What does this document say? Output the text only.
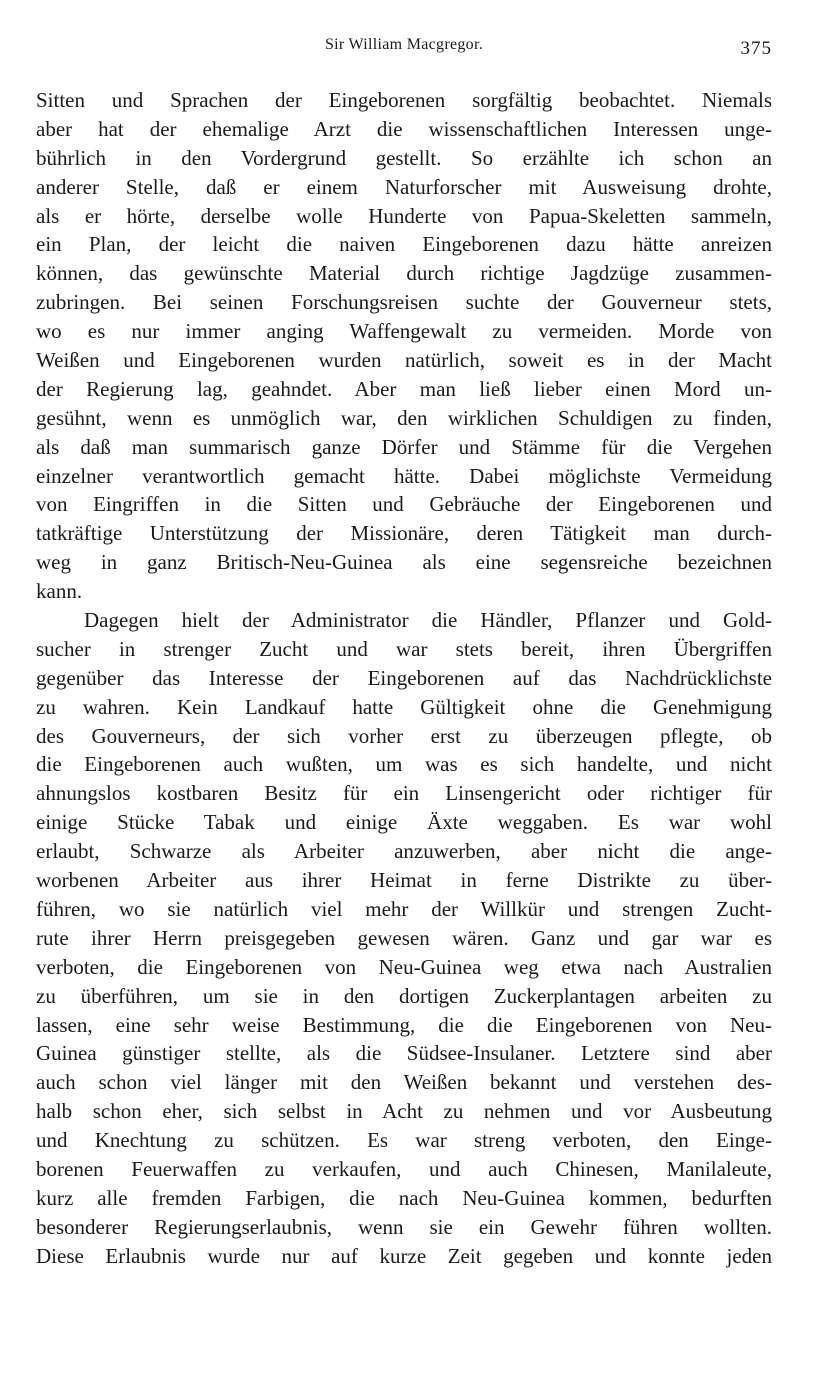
Sir William Macgregor.	375
Sitten und Sprachen der Eingeborenen sorgfältig beobachtet. Niemals
aber hat der ehemalige Arzt die wissenschaftlichen Interessen unge-
bührlich in den Vordergrund gestellt. So erzählte ich schon an
anderer Stelle, daß er einem Naturforscher mit Ausweisung drohte,
als er hörte, derselbe wolle Hunderte von Papua-Skeletten sammeln,
ein Plan, der leicht die naiven Eingeborenen dazu hätte anreizen
können, das gewünschte Material durch richtige Jagdzüge zusammen-
zubringen. Bei seinen Forschungsreisen suchte der Gouverneur stets,
wo es nur immer anging Waffengewalt zu vermeiden. Morde von
Weißen und Eingeborenen wurden natürlich, soweit es in der Macht
der Regierung lag, geahndet. Aber man ließ lieber einen Mord un-
gesühnt, wenn es unmöglich war, den wirklichen Schuldigen zu finden,
als daß man summarisch ganze Dörfer und Stämme für die Vergehen
einzelner verantwortlich gemacht hätte. Dabei möglichste Vermeidung
von Eingriffen in die Sitten und Gebräuche der Eingeborenen und
tatkräftige Unterstützung der Missionäre, deren Tätigkeit man durch-
weg in ganz Britisch-Neu-Guinea als eine segensreiche bezeichnen
kann.
Dagegen hielt der Administrator die Händler, Pflanzer und Gold-
sucher in strenger Zucht und war stets bereit, ihren Übergriffen
gegenüber das Interesse der Eingeborenen auf das Nachdrücklichste
zu wahren. Kein Landkauf hatte Gültigkeit ohne die Genehmigung
des Gouverneurs, der sich vorher erst zu überzeugen pflegte, ob
die Eingeborenen auch wußten, um was es sich handelte, und nicht
ahnungslos kostbaren Besitz für ein Linsengericht oder richtiger für
einige Stücke Tabak und einige Äxte weggaben. Es war wohl
erlaubt, Schwarze als Arbeiter anzuwerben, aber nicht die ange-
worbenen Arbeiter aus ihrer Heimat in ferne Distrikte zu über-
führen, wo sie natürlich viel mehr der Willkür und strengen Zucht-
rute ihrer Herrn preisgegeben gewesen wären. Ganz und gar war es
verboten, die Eingeborenen von Neu-Guinea weg etwa nach Australien
zu überführen, um sie in den dortigen Zuckerplantagen arbeiten zu
lassen, eine sehr weise Bestimmung, die die Eingeborenen von Neu-
Guinea günstiger stellte, als die Südsee-Insulaner. Letztere sind aber
auch schon viel länger mit den Weißen bekannt und verstehen des-
halb schon eher, sich selbst in Acht zu nehmen und vor Ausbeutung
und Knechtung zu schützen. Es war streng verboten, den Einge-
borenen Feuerwaffen zu verkaufen, und auch Chinesen, Manilaleute,
kurz alle fremden Farbigen, die nach Neu-Guinea kommen, bedurften
besonderer Regierungserlaubnis, wenn sie ein Gewehr führen wollten.
Diese Erlaubnis wurde nur auf kurze Zeit gegeben und konnte jeden
